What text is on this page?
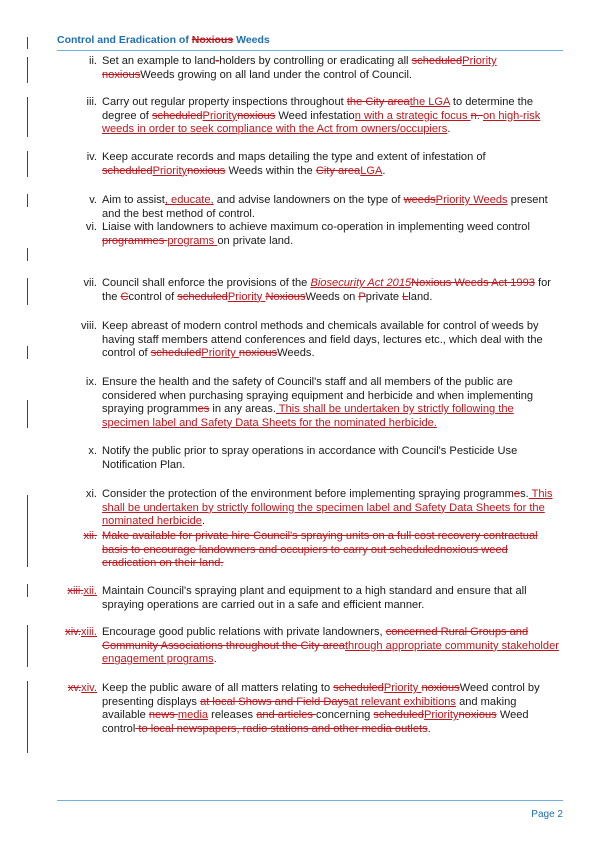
Control and Eradication of Noxious Weeds
ii. Set an example to land-holders by controlling or eradicating all scheduledPriority noxiousWeeds growing on all land under the control of Council.
iii. Carry out regular property inspections throughout the City areathe LGA to determine the degree of scheduledPrioritynoxious Weed infestation with a strategic focus n. on high-risk weeds in order to seek compliance with the Act from owners/occupiers.
iv. Keep accurate records and maps detailing the type and extent of infestation of scheduledPrioritynoxious Weeds within the City areaLGA.
v. Aim to assist, educate, and advise landowners on the type of weedsPriority Weeds present and the best method of control.
vi. Liaise with landowners to achieve maximum co-operation in implementing weed control programmes programs on private land.
vii. Council shall enforce the provisions of the Biosecurity Act 2015Noxious Weeds Act 1993 for the Ccontrol of scheduledPriority NoxiousWeeds on Pprivate Lland.
viii. Keep abreast of modern control methods and chemicals available for control of weeds by having staff members attend conferences and field days, lectures etc., which deal with the control of scheduledPriority noxiousWeeds.
ix. Ensure the health and the safety of Council's staff and all members of the public are considered when purchasing spraying equipment and herbicide and when implementing spraying programmes in any areas. This shall be undertaken by strictly following the specimen label and Safety Data Sheets for the nominated herbicide.
x. Notify the public prior to spray operations in accordance with Council's Pesticide Use Notification Plan.
xi. Consider the protection of the environment before implementing spraying programmes. This shall be undertaken by strictly following the specimen label and Safety Data Sheets for the nominated herbicide.
xii. Make available for private hire Council's spraying units on a full cost recovery contractual basis to encourage landowners and occupiers to carry out schedulednoxious weed eradication on their land.
xiii.xii. Maintain Council's spraying plant and equipment to a high standard and ensure that all spraying operations are carried out in a safe and efficient manner.
xiv.xiii. Encourage good public relations with private landowners, concerned Rural Groups and Community Associations throughout the City areathrough appropriate community stakeholder engagement programs.
xv.xiv. Keep the public aware of all matters relating to scheduledPriority noxiousWeed control by presenting displays at local Shows and Field Daysat relevant exhibitions and making available news media releases and articles concerning scheduledPrioritynoxious Weed control to local newspapers, radio stations and other media outlets.
Page 2
